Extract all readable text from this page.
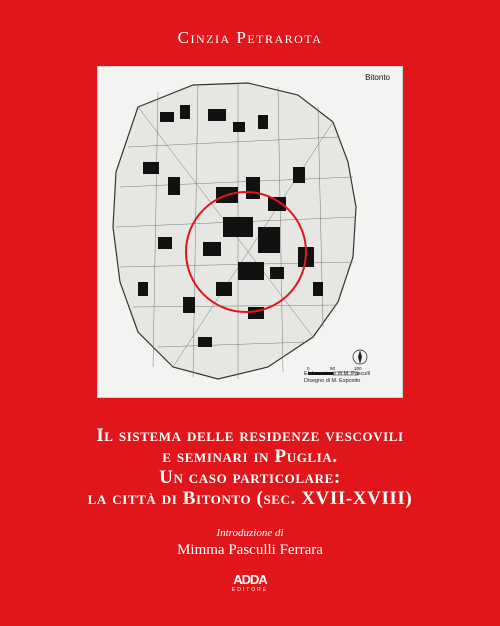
Cinzia Petrarota
0	50	100
Bitonto
Elaborazione di M. Pasculli
Disegno di M. Esposito
Il sistema delle residenze vescovili
e seminari in Puglia.
Un caso particolare:
la città di Bitonto (sec. XVII-XVIII)
Introduzione di
Mimma Pasculli Ferrara
ADDA
EDITORE
